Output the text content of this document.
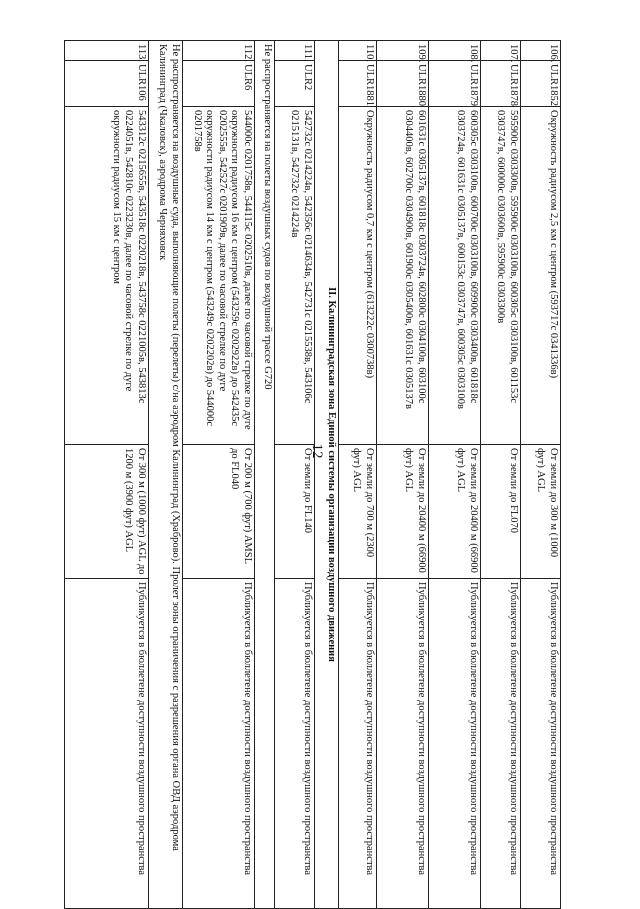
12
106.	ULR1852	Окружность радиусом 2,5 км с центром (593717с 0341336в)	От земли до 300 м (1000 фут) AGL	Публикуется в бюллетене доступности воздушного пространства
107.	ULR1878	595900с 0303300в, 595900с 0303100в, 600305с 0303100в, 601153с 0303747в, 600000с 0303600в, 595900с 0303300в	От земли до FL070	Публикуется в бюллетене доступности воздушного пространства
108.	ULR1879	600305с 0303100в, 600700с 0303100в, 609900с 0303400в, 601818с 0303724в, 601631с 0305137в, 600153с 0303747в, 600305с 0303100в	От земли до 20400 м (66900 фут) AGL	Публикуется в бюллетене доступности воздушного пространства
109.	ULR1880	601631с 0305137в, 601818с 0303724в, 602800с 0304100в, 603100с 0304400в, 602700с 0304900в, 601900с 0305400в, 601631с 0305137в	От земли до 20400 м (66900 фут) AGL	Публикуется в бюллетене доступности воздушного пространства
110.	ULR1881	Окружность радиусом 0,7 км с центром (613222с 0300738в)	От земли до 700 м (2300 фут) AGL	Публикуется в бюллетене доступности воздушного пространства
II. Калининградская зона Единой системы организации воздушного движения				
111.	ULR2	542732с 0214224в, 542356с 0214634в, 542731с 0215538в, 543106с 0215131в, 542732с 0214224в	От земли до FL140	Публикуется в бюллетене доступности воздушного пространства
Не распространяется на полеты воздушных судов по воздушной трассе G720				
112.	ULR6	544000с 0201758в, 544115с 0202510в, далее по часовой стрелке по дуге окружности радиусом 16 км с центром (543259с 0202922в) до 542435с 0202555в, 542527с 0201909в, далее по часовой стрелке по дуге окружности радиусом 14 км с центром (543249с 0202202в) до 544000с 0201758в	От 200 м (700 фут) AMSL до FL040	Публикуется в бюллетене доступности воздушного пространства
Не распространяется на воздушные суда, выполняющие полеты (перелеты) с/на аэродром Калининград (Храброво). Пролет зоны ограничения с разрешения органа ОВД аэродрома Калининград (Чкаловск), аэродрома Черняховск				
113.	ULR106	543312с 0215655в, 543518с 0220218в, 543758с 0221005в, 543813с 0224051в, 542810с 0223230в, далее по часовой стрелке по дуге окружности радиусом 15 км с центром	От 300 м (1000 фут) AGL до 1200 м (3900 фут) AGL	Публикуется в бюллетене доступности воздушного пространства
